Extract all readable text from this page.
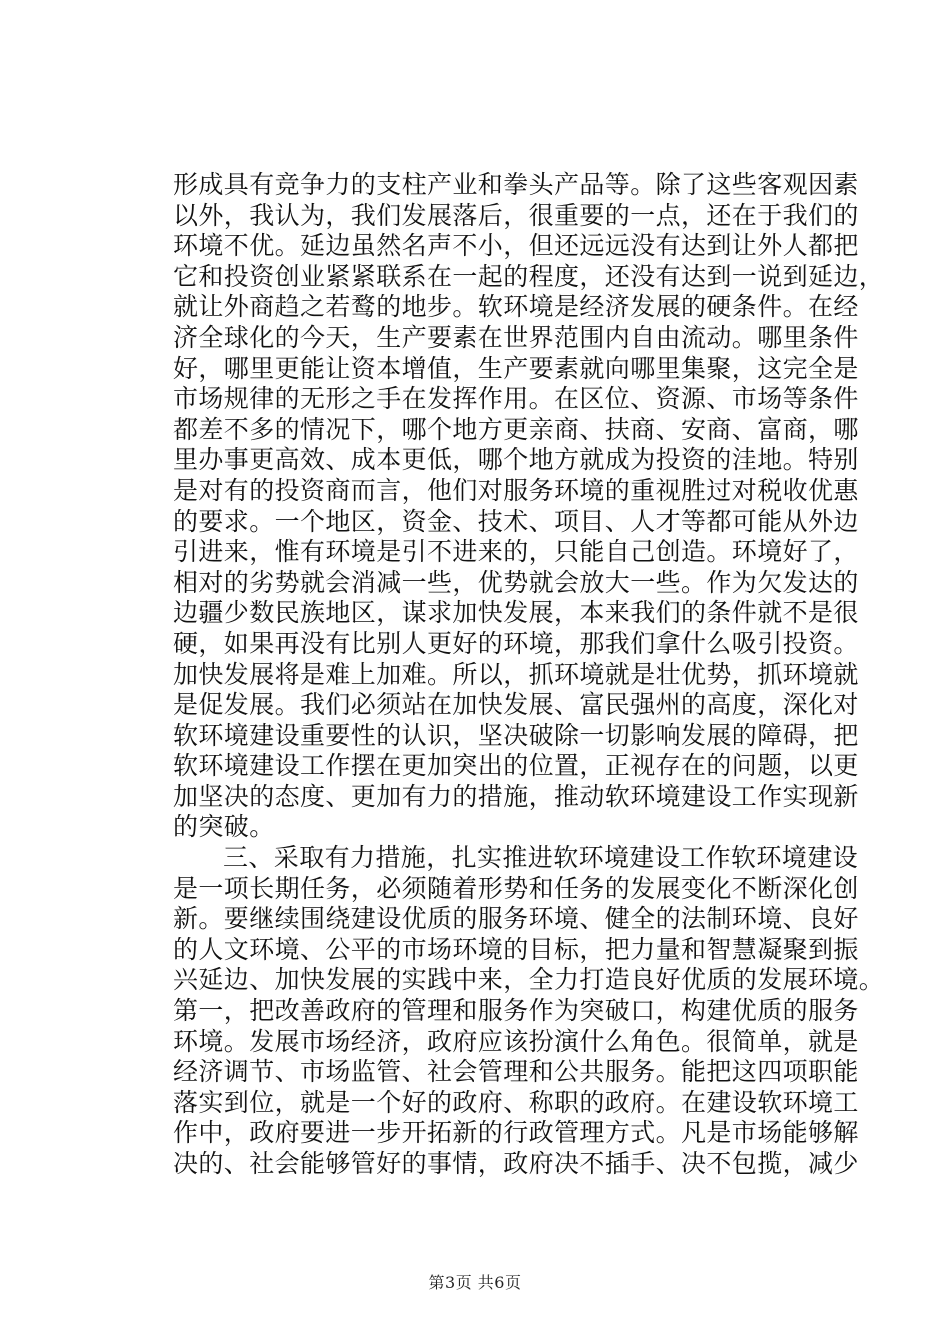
形成具有竞争力的支柱产业和拳头产品等。除了这些客观因素
以外，我认为，我们发展落后，很重要的一点，还在于我们的
环境不优。延边虽然名声不小，但还远远没有达到让外人都把
它和投资创业紧紧联系在一起的程度，还没有达到一说到延边，
就让外商趋之若鹜的地步。软环境是经济发展的硬条件。在经
济全球化的今天，生产要素在世界范围内自由流动。哪里条件
好，哪里更能让资本增值，生产要素就向哪里集聚，这完全是
市场规律的无形之手在发挥作用。在区位、资源、市场等条件
都差不多的情况下，哪个地方更亲商、扶商、安商、富商，哪
里办事更高效、成本更低，哪个地方就成为投资的洼地。特别
是对有的投资商而言，他们对服务环境的重视胜过对税收优惠
的要求。一个地区，资金、技术、项目、人才等都可能从外边
引进来，惟有环境是引不进来的，只能自己创造。环境好了，
相对的劣势就会消减一些，优势就会放大一些。作为欠发达的
边疆少数民族地区，谋求加快发展，本来我们的条件就不是很
硬，如果再没有比别人更好的环境，那我们拿什么吸引投资。
加快发展将是难上加难。所以，抓环境就是壮优势，抓环境就
是促发展。我们必须站在加快发展、富民强州的高度，深化对
软环境建设重要性的认识，坚决破除一切影响发展的障碍，把
软环境建设工作摆在更加突出的位置，正视存在的问题，以更
加坚决的态度、更加有力的措施，推动软环境建设工作实现新
的突破。
三、采取有力措施，扎实推进软环境建设工作软环境建设
是一项长期任务，必须随着形势和任务的发展变化不断深化创
新。要继续围绕建设优质的服务环境、健全的法制环境、良好
的人文环境、公平的市场环境的目标，把力量和智慧凝聚到振
兴延边、加快发展的实践中来，全力打造良好优质的发展环境。
第一，把改善政府的管理和服务作为突破口，构建优质的服务
环境。发展市场经济，政府应该扮演什么角色。很简单，就是
经济调节、市场监管、社会管理和公共服务。能把这四项职能
落实到位，就是一个好的政府、称职的政府。在建设软环境工
作中，政府要进一步开拓新的行政管理方式。凡是市场能够解
决的、社会能够管好的事情，政府决不插手、决不包揽，减少
第3页 共6页
